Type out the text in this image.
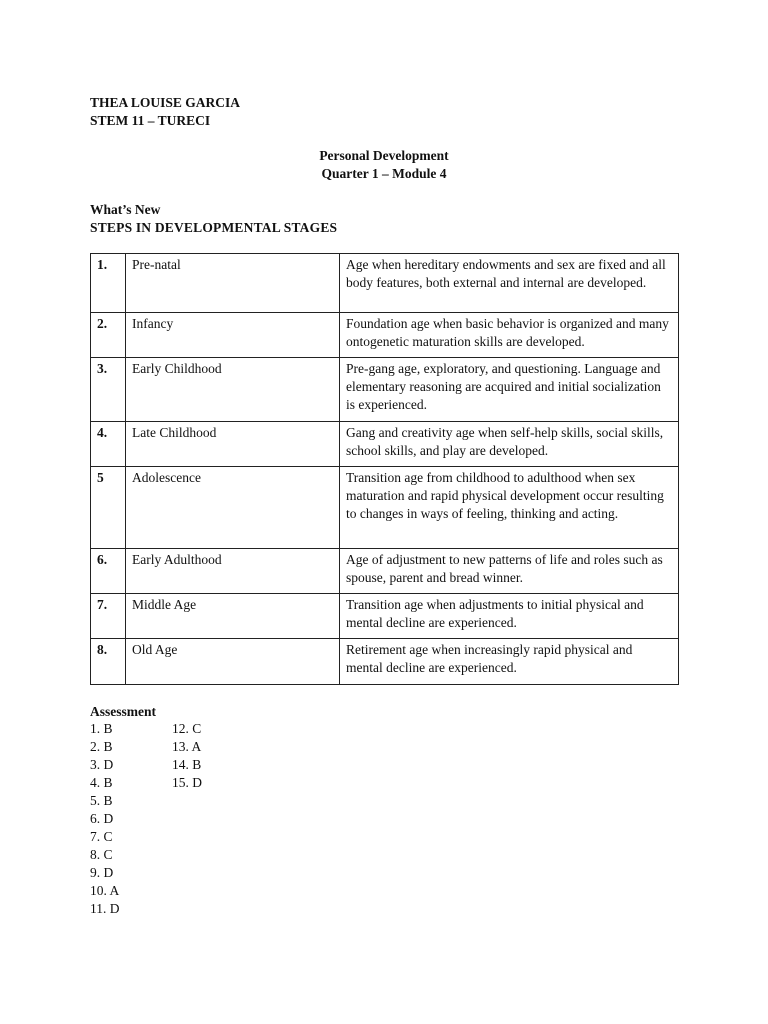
THEA LOUISE GARCIA
STEM 11 – TURECI
Personal Development
Quarter 1 – Module 4
What’s New
STEPS IN DEVELOPMENTAL STAGES
1.	Pre-natal	Age when hereditary endowments and sex are fixed and all body features, both external and internal are developed.
2.	Infancy	Foundation age when basic behavior is organized and many ontogenetic maturation skills are developed.
3.	Early Childhood	Pre-gang age, exploratory, and questioning. Language and elementary reasoning are acquired and initial socialization is experienced.
4.	Late Childhood	Gang and creativity age when self-help skills, social skills, school skills, and play are developed.
5	Adolescence	Transition age from childhood to adulthood when sex maturation and rapid physical development occur resulting to changes in ways of feeling, thinking and acting.
6.	Early Adulthood	Age of adjustment to new patterns of life and roles such as spouse, parent and bread winner.
7.	Middle Age	Transition age when adjustments to initial physical and mental decline are experienced.
8.	Old Age	Retirement age when increasingly rapid physical and mental decline are experienced.
Assessment
1. B
2. B
3. D
4. B
5. B
6. D
7. C
8. C
9. D
10. A
11. D
12. C
13. A
14. B
15. D
